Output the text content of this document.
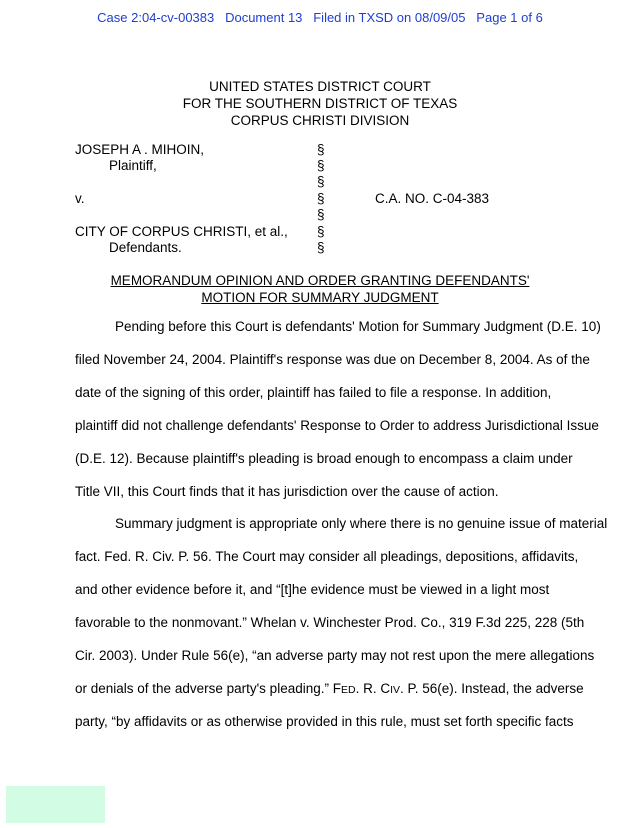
Case 2:04-cv-00383   Document 13   Filed in TXSD on 08/09/05   Page 1 of 6
UNITED STATES DISTRICT COURT
FOR THE SOUTHERN DISTRICT OF TEXAS
CORPUS CHRISTI DIVISION
JOSEPH A . MIHOIN,	§
Plaintiff,	§
§
v.	§	C.A. NO. C-04-383
§
CITY OF CORPUS CHRISTI, et al., §
Defendants.	§
MEMORANDUM OPINION AND ORDER GRANTING DEFENDANTS'
MOTION FOR SUMMARY JUDGMENT
Pending before this Court is defendants' Motion for Summary Judgment (D.E. 10)
filed November 24, 2004. Plaintiff's response was due on December 8, 2004. As of the
date of the signing of this order, plaintiff has failed to file a response. In addition,
plaintiff did not challenge defendants' Response to Order to address Jurisdictional Issue
(D.E. 12). Because plaintiff's pleading is broad enough to encompass a claim under
Title VII, this Court finds that it has jurisdiction over the cause of action.
Summary judgment is appropriate only where there is no genuine issue of material
fact. Fed. R. Civ. P. 56. The Court may consider all pleadings, depositions, affidavits,
and other evidence before it, and “[t]he evidence must be viewed in a light most
favorable to the nonmovant.” Whelan v. Winchester Prod. Co., 319 F.3d 225, 228 (5th
Cir. 2003). Under Rule 56(e), “an adverse party may not rest upon the mere allegations
or denials of the adverse party's pleading.” FED. R. CIV. P. 56(e). Instead, the adverse
party, “by affidavits or as otherwise provided in this rule, must set forth specific facts
